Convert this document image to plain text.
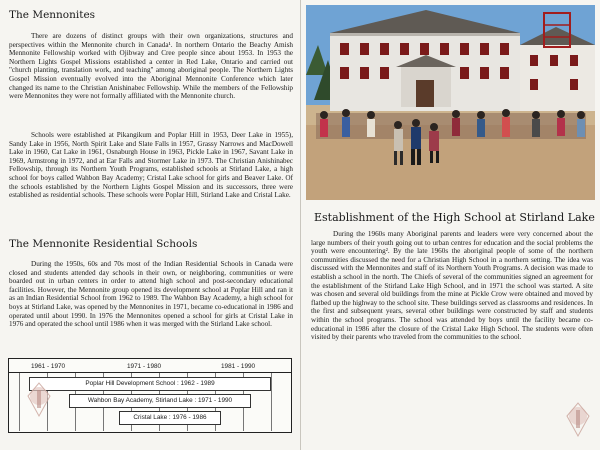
The Mennonites

There are dozens of distinct groups with their own organizations, structures and perspectives within the Mennonite church in Canada¹. In northern Ontario the Beachy Amish Mennonite Fellowship worked with Ojibway and Cree people since about 1953. In 1953 the Northern Lights Gospel Missions established a center in Red Lake, Ontario and carried out "church planting, translation work, and teaching" among aboriginal people. The Northern Lights Gospel Mission eventually evolved into the Aboriginal Mennonite Conference which later changed its name to the Christian Anishinabec Fellowship. While the members of the Fellowship were Mennonites they were not formally affiliated with the Mennonite church.

Schools were established at Pikangikum and Poplar Hill in 1953, Deer Lake in 1955), Sandy Lake in 1956, North Spirit Lake and Slate Falls in 1957, Grassy Narrows and MacDowell Lake in 1960, Cat Lake in 1961, Osnaburgh House in 1963, Pickle Lake in 1967, Savant Lake in 1969, Armstrong in 1972, and at Ear Falls and Stormer Lake in 1973. The Christian Anishinabec Fellowship, through its Northern Youth Programs, established schools at Stirland Lake, a high school for boys called Wahbon Bay Academy; Cristal Lake school for girls and Beaver Lake. Of the schools established by the Northern Lights Gospel Mission and its successors, three were established as residential schools. These schools were Poplar Hill, Stirland Lake and Cristal Lake.

The Mennonite Residential Schools

During the 1950s, 60s and 70s most of the Indian Residential Schools in Canada were closed and students attended day schools in their own, or neighboring, communities or were boarded out in urban centers in order to attend high school and post-secondary educational facilities. However, the Mennonite group opened its development school at Poplar Hill and ran it as an Indian Residential School from 1962 to 1989. The Wahbon Bay Academy, a high school for boys at Stirland Lake, was opened by the Mennonites in 1971, became co-educational in 1986 and operated until about 1990. In 1976 the Mennonites opened a school for girls at Cristal Lake in 1976 and operated the school until 1986 when it was merged with the Stirland Lake school.

1961 - 1970	1971 - 1980	1981 - 1990
Poplar Hill Development School : 1962 - 1989
Wahbon Bay Academy, Stirland Lake : 1971 - 1990
Cristal Lake : 1976 - 1986
Establishment of the High School at Stirland Lake

During the 1960s many Aboriginal parents and leaders were very concerned about the large numbers of their youth going out to urban centres for education and the social problems the youth were encountering². By the late 1960s the aboriginal people of some of the northern communities discussed the need for a Christian High School in a northern setting. The idea was discussed with the Mennonites and staff of its Northern Youth Programs. A decision was made to establish a school in the north. The Chiefs of several of the communities signed an agreement for the establishment of the Stirland Lake High School, and in 1971 the school was started. A site was chosen and several old buildings from the mine at Pickle Crow were obtained and moved by flatbed up the highway to the school site. These buildings served as classrooms and residences. In the first and subsequent years, several other buildings were constructed by staff and students within the school programs. The school was attended by boys until the facility became co-educational in 1986 after the closure of the Cristal Lake High School. The students were often visited by their parents who traveled from the communities to the school.
